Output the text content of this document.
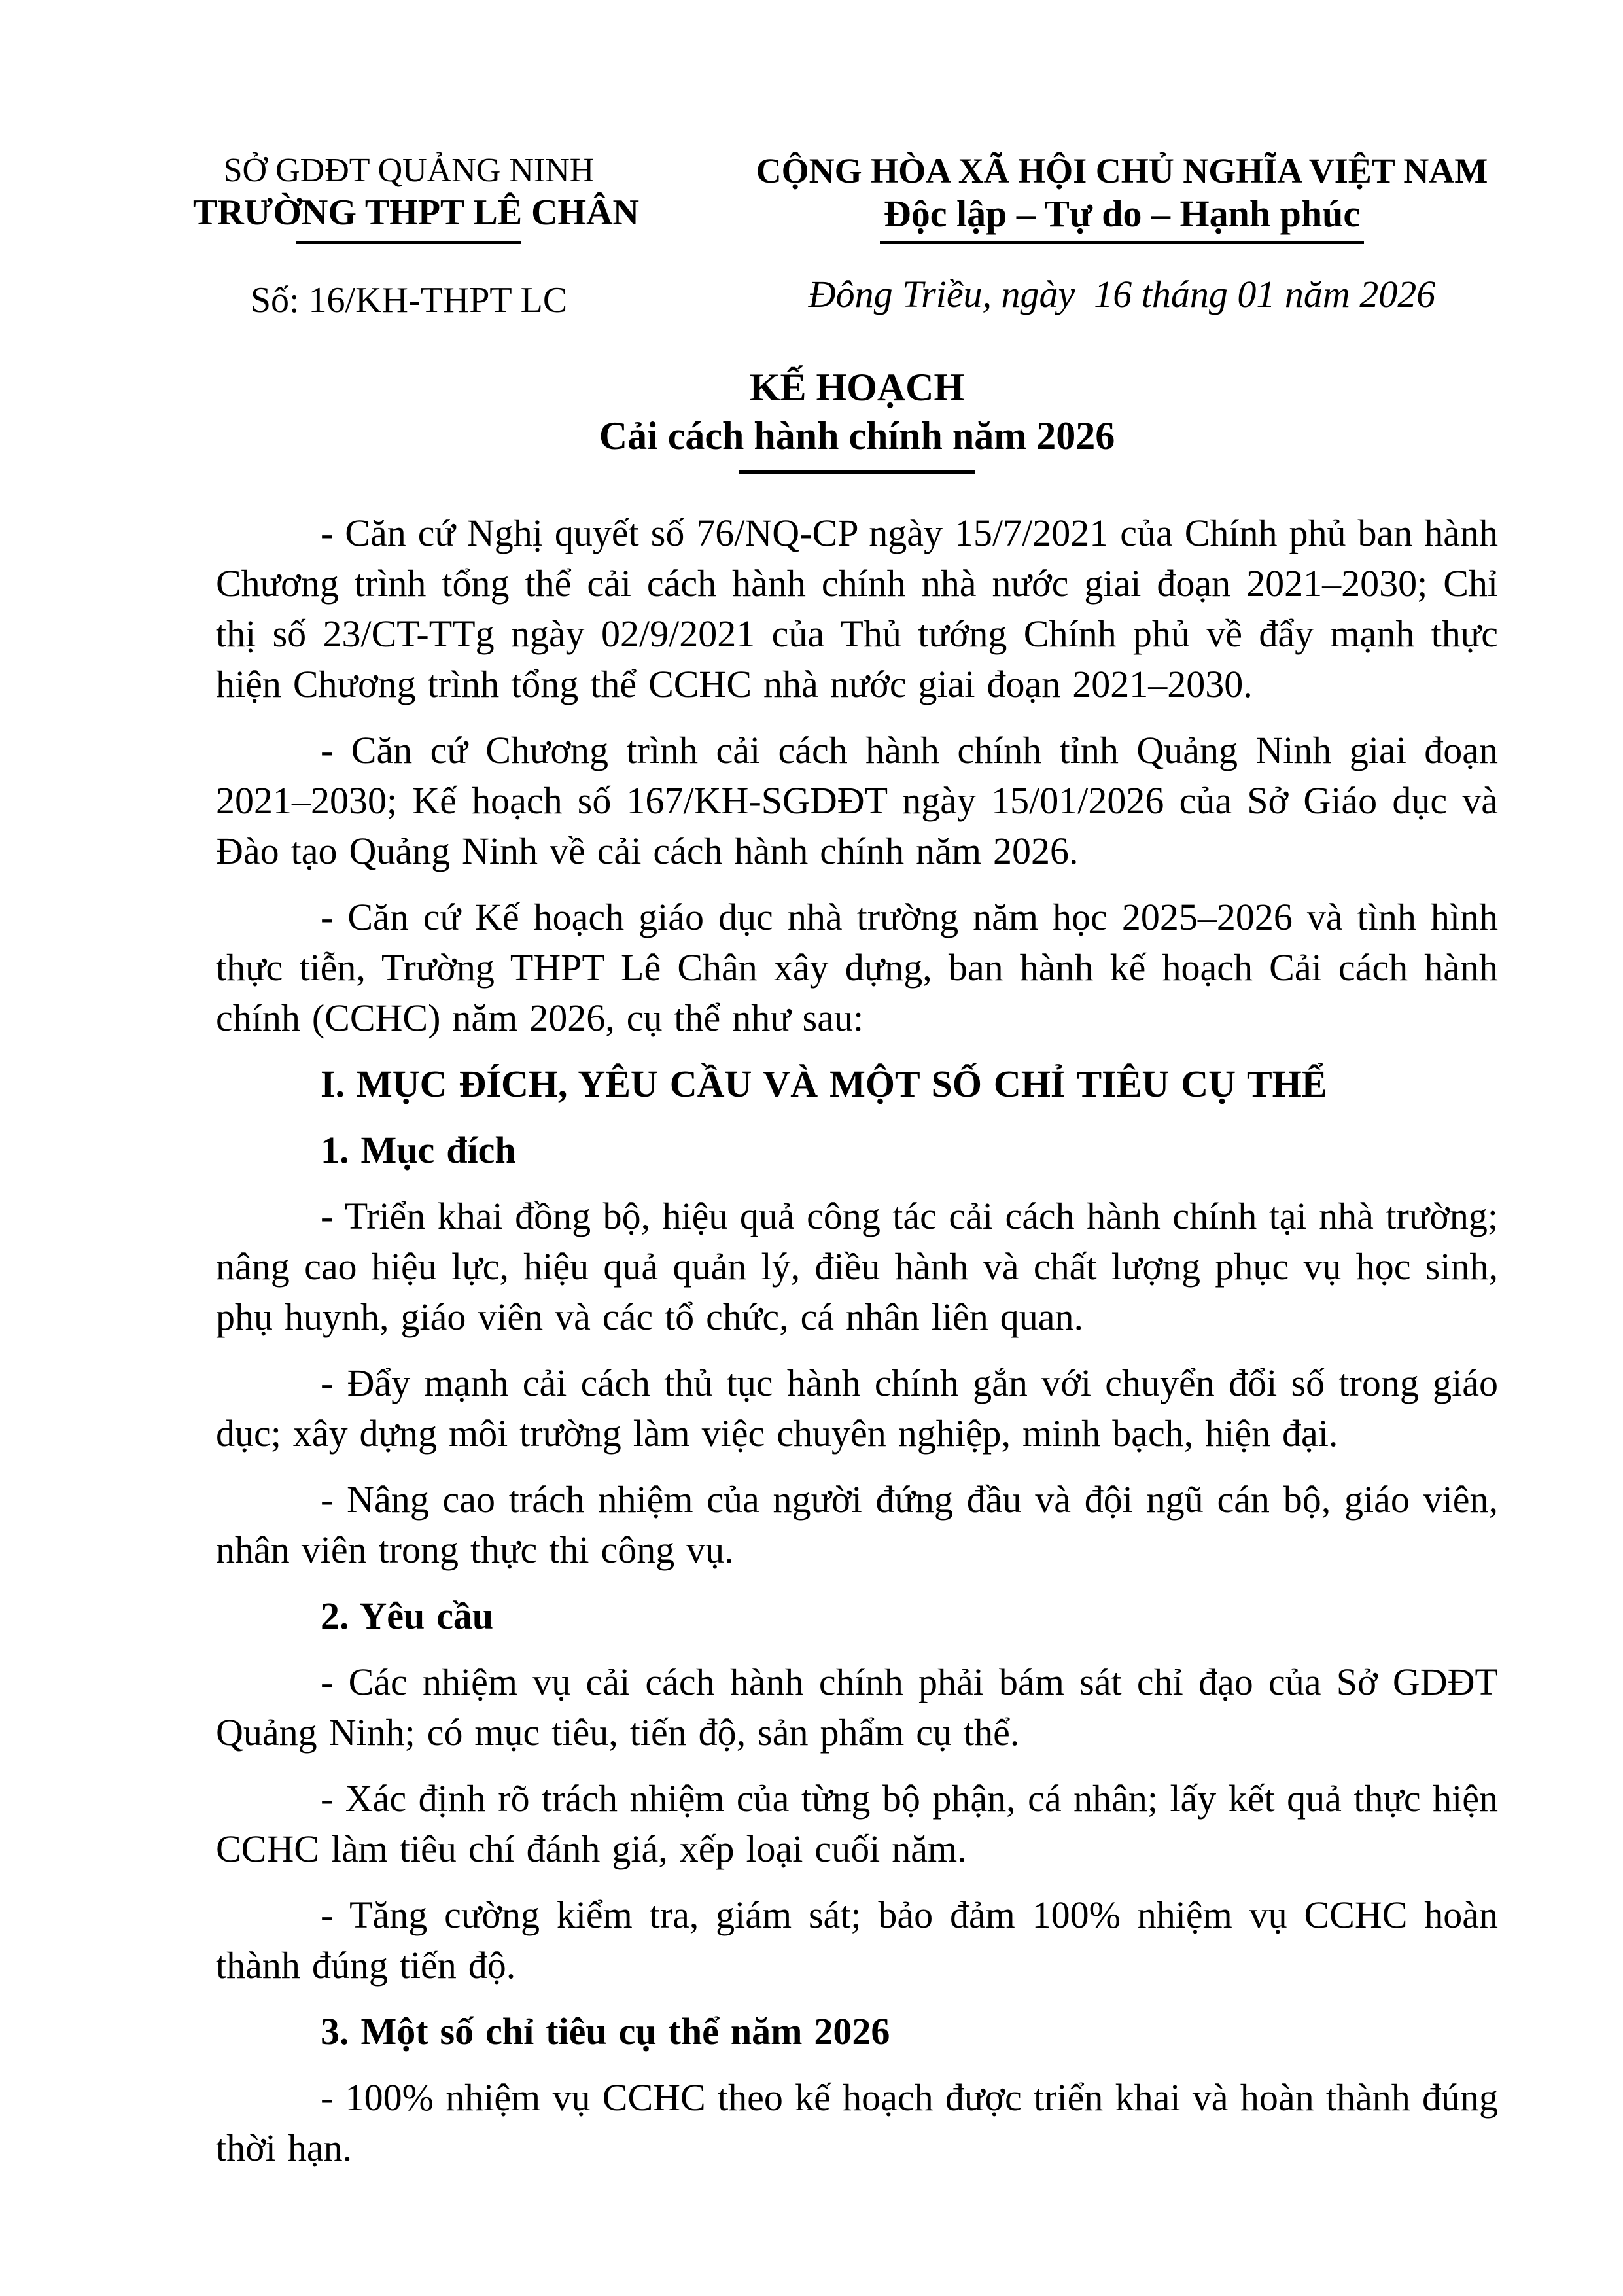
SỞ GDĐT QUẢNG NINH
TRƯỜNG THPT LÊ CHÂN
Số: 16/KH-THPT LC
CỘNG HÒA XÃ HỘI CHỦ NGHĨA VIỆT NAM
Độc lập – Tự do – Hạnh phúc
Đông Triều, ngày  16 tháng 01 năm 2026
KẾ HOẠCH
Cải cách hành chính năm 2026

- Căn cứ Nghị quyết số 76/NQ-CP ngày 15/7/2021 của Chính phủ ban hành Chương trình tổng thể cải cách hành chính nhà nước giai đoạn 2021–2030; Chỉ thị số 23/CT-TTg ngày 02/9/2021 của Thủ tướng Chính phủ về đẩy mạnh thực hiện Chương trình tổng thể CCHC nhà nước giai đoạn 2021–2030.

- Căn cứ Chương trình cải cách hành chính tỉnh Quảng Ninh giai đoạn 2021–2030; Kế hoạch số 167/KH-SGDĐT ngày 15/01/2026 của Sở Giáo dục và Đào tạo Quảng Ninh về cải cách hành chính năm 2026.

- Căn cứ Kế hoạch giáo dục nhà trường năm học 2025–2026 và tình hình thực tiễn, Trường THPT Lê Chân xây dựng, ban hành kế hoạch Cải cách hành chính (CCHC) năm 2026, cụ thể như sau:

I. MỤC ĐÍCH, YÊU CẦU VÀ MỘT SỐ CHỈ TIÊU CỤ THỂ
1. Mục đích

- Triển khai đồng bộ, hiệu quả công tác cải cách hành chính tại nhà trường; nâng cao hiệu lực, hiệu quả quản lý, điều hành và chất lượng phục vụ học sinh, phụ huynh, giáo viên và các tổ chức, cá nhân liên quan.

- Đẩy mạnh cải cách thủ tục hành chính gắn với chuyển đổi số trong giáo dục; xây dựng môi trường làm việc chuyên nghiệp, minh bạch, hiện đại.

- Nâng cao trách nhiệm của người đứng đầu và đội ngũ cán bộ, giáo viên, nhân viên trong thực thi công vụ.

2. Yêu cầu

- Các nhiệm vụ cải cách hành chính phải bám sát chỉ đạo của Sở GDĐT Quảng Ninh; có mục tiêu, tiến độ, sản phẩm cụ thể.

- Xác định rõ trách nhiệm của từng bộ phận, cá nhân; lấy kết quả thực hiện CCHC làm tiêu chí đánh giá, xếp loại cuối năm.

- Tăng cường kiểm tra, giám sát; bảo đảm 100% nhiệm vụ CCHC hoàn thành đúng tiến độ.

3. Một số chỉ tiêu cụ thể năm 2026

- 100% nhiệm vụ CCHC theo kế hoạch được triển khai và hoàn thành đúng thời hạn.
